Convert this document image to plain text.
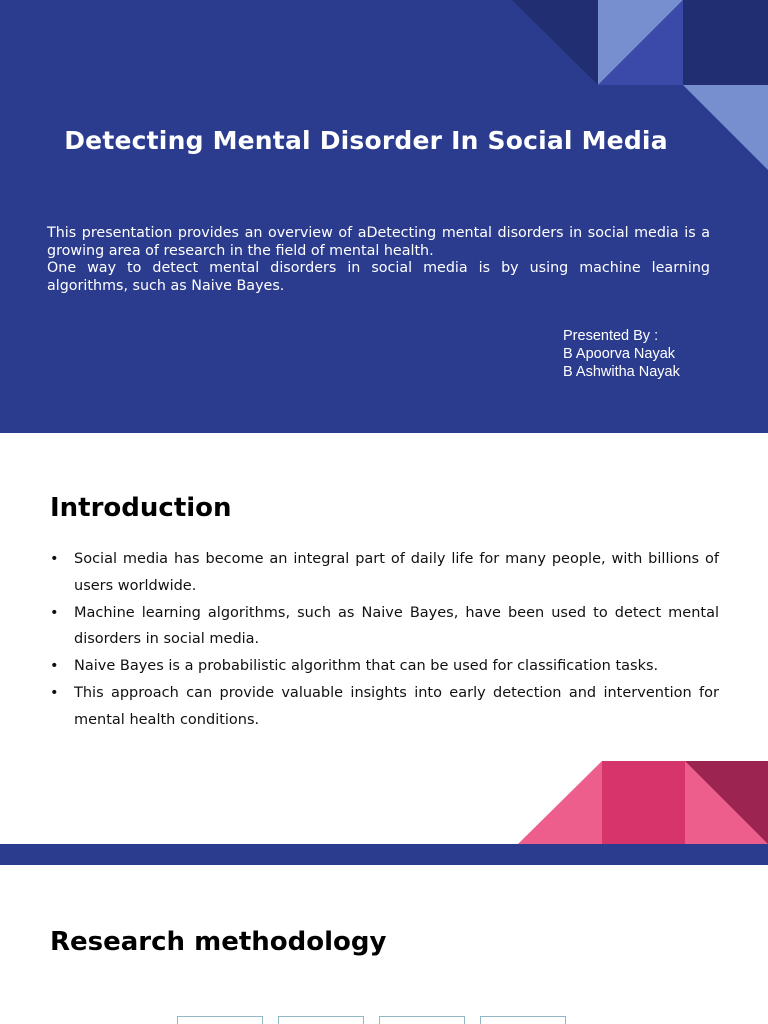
Detecting Mental Disorder In Social Media

This presentation provides an overview of aDetecting mental disorders in social media is a growing area of research in the field of mental health.

One way to detect mental disorders in social media is by using machine learning algorithms, such as Naive Bayes.

Presented By :
B Apoorva Nayak
B Ashwitha Nayak
Introduction
• Social media has become an integral part of daily life for many people, with billions of users worldwide.
• Machine learning algorithms, such as Naive Bayes, have been used to detect mental disorders in social media.
• Naive Bayes is a probabilistic algorithm that can be used for classification tasks.
• This approach can provide valuable insights into early detection and intervention for mental health conditions.
Research methodology
